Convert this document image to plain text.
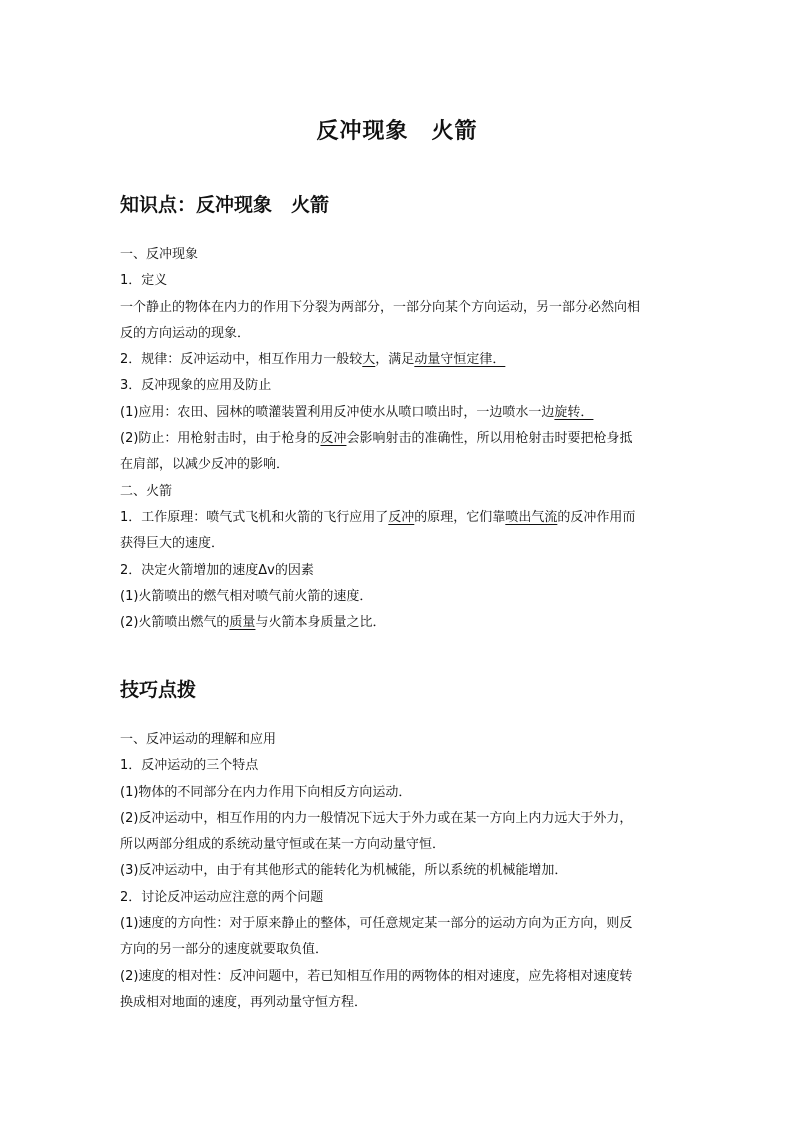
反冲现象　火箭
知识点：反冲现象　火箭

一、反冲现象

1．定义

一个静止的物体在内力的作用下分裂为两部分，一部分向某个方向运动，另一部分必然向相

反的方向运动的现象．

2．规律：反冲运动中，相互作用力一般较大，满足动量守恒定律．

3．反冲现象的应用及防止

(1)应用：农田、园林的喷灌装置利用反冲使水从喷口喷出时，一边喷水一边旋转．

(2)防止：用枪射击时，由于枪身的反冲会影响射击的准确性，所以用枪射击时要把枪身抵

在肩部，以减少反冲的影响．

二、火箭

1．工作原理：喷气式飞机和火箭的飞行应用了反冲的原理，它们靠喷出气流的反冲作用而

获得巨大的速度．

2．决定火箭增加的速度Δv的因素

(1)火箭喷出的燃气相对喷气前火箭的速度．

(2)火箭喷出燃气的质量与火箭本身质量之比．

技巧点拨

一、反冲运动的理解和应用

1．反冲运动的三个特点

(1)物体的不同部分在内力作用下向相反方向运动．

(2)反冲运动中，相互作用的内力一般情况下远大于外力或在某一方向上内力远大于外力，

所以两部分组成的系统动量守恒或在某一方向动量守恒．

(3)反冲运动中，由于有其他形式的能转化为机械能，所以系统的机械能增加．

2．讨论反冲运动应注意的两个问题

(1)速度的方向性：对于原来静止的整体，可任意规定某一部分的运动方向为正方向，则反

方向的另一部分的速度就要取负值．

(2)速度的相对性：反冲问题中，若已知相互作用的两物体的相对速度，应先将相对速度转

换成相对地面的速度，再列动量守恒方程．
